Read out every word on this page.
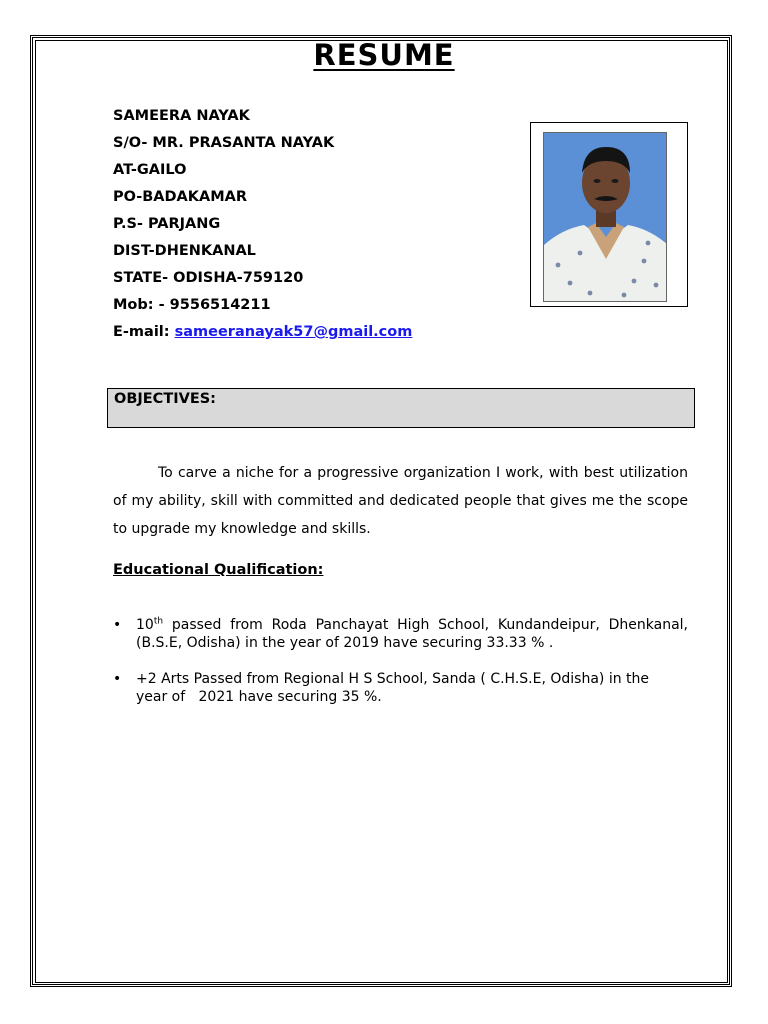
RESUME
SAMEERA NAYAK
S/O- MR. PRASANTA NAYAK
AT-GAILO
PO-BADAKAMAR
P.S- PARJANG
DIST-DHENKANAL
STATE- ODISHA-759120
Mob: - 9556514211
E-mail: sameeranayak57@gmail.com
OBJECTIVES:
To carve a niche for a progressive organization I work, with best utilization of my ability, skill with committed and dedicated people that gives me the scope to upgrade my knowledge and skills.
Educational Qualification:
• 10th passed from Roda Panchayat High School, Kundandeipur, Dhenkanal, (B.S.E, Odisha) in the year of 2019 have securing 33.33 % .
• +2 Arts Passed from Regional H S School, Sanda ( C.H.S.E, Odisha) in the year of   2021 have securing 35 %.
